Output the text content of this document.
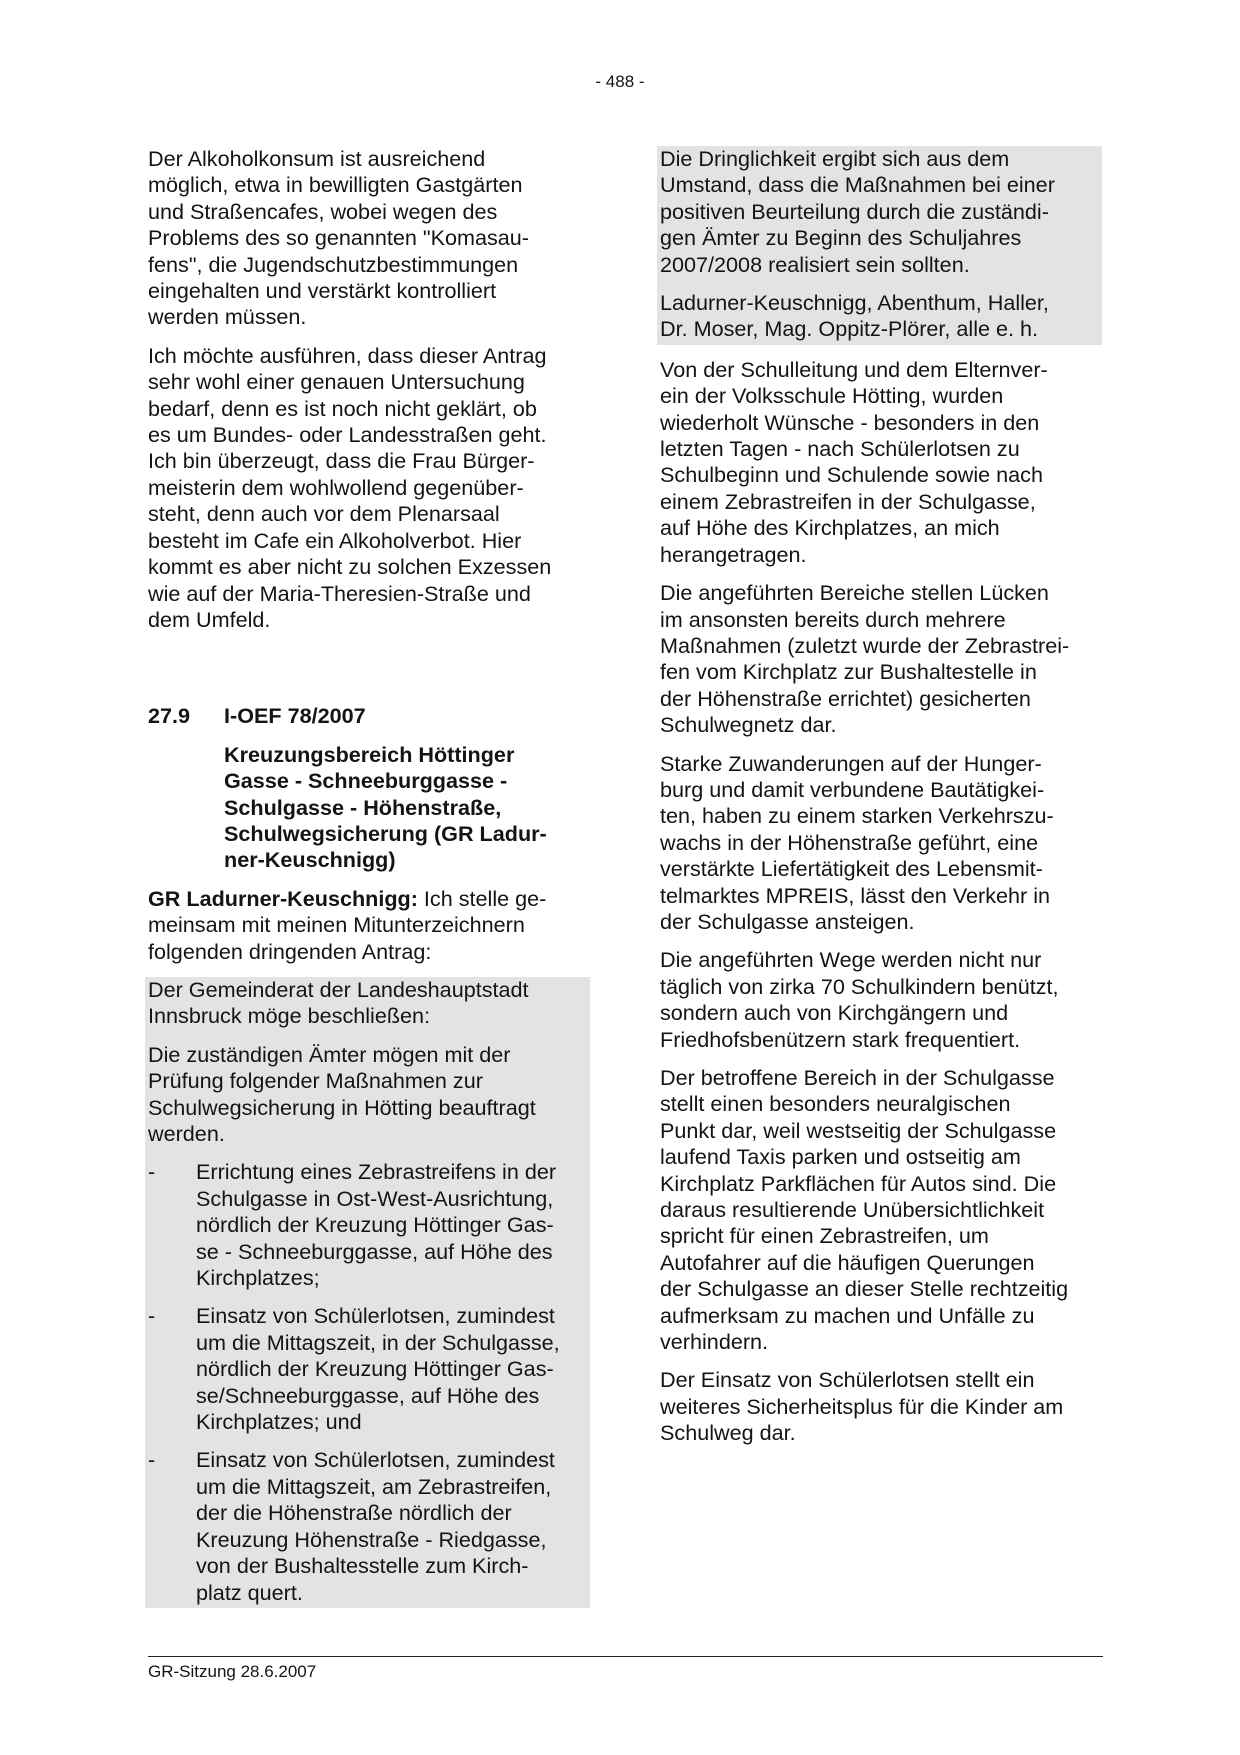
- 488 -

Der Alkoholkonsum ist ausreichend
möglich, etwa in bewilligten Gastgärten
und Straßencafes, wobei wegen des
Problems des so genannten "Komasau-
fens", die Jugendschutzbestimmungen
eingehalten und verstärkt kontrolliert
werden müssen.

Ich möchte ausführen, dass dieser Antrag
sehr wohl einer genauen Untersuchung
bedarf, denn es ist noch nicht geklärt, ob
es um Bundes- oder Landesstraßen geht.
Ich bin überzeugt, dass die Frau Bürger-
meisterin dem wohlwollend gegenüber-
steht, denn auch vor dem Plenarsaal
besteht im Cafe ein Alkoholverbot. Hier
kommt es aber nicht zu solchen Exzessen
wie auf der Maria-Theresien-Straße und
dem Umfeld.

27.9	I-OEF 78/2007
Kreuzungsbereich Höttinger
Gasse - Schneeburggasse -
Schulgasse - Höhenstraße,
Schulwegsicherung (GR Ladur-
ner-Keuschnigg)

GR Ladurner-Keuschnigg: Ich stelle ge-
meinsam mit meinen Mitunterzeichnern
folgenden dringenden Antrag:

Der Gemeinderat der Landeshauptstadt
Innsbruck möge beschließen:

Die zuständigen Ämter mögen mit der
Prüfung folgender Maßnahmen zur
Schulwegsicherung in Hötting beauftragt
werden.

-	Errichtung eines Zebrastreifens in der
Schulgasse in Ost-West-Ausrichtung,
nördlich der Kreuzung Höttinger Gas-
se - Schneeburggasse, auf Höhe des
Kirchplatzes;
-	Einsatz von Schülerlotsen, zumindest
um die Mittagszeit, in der Schulgasse,
nördlich der Kreuzung Höttinger Gas-
se/Schneeburggasse, auf Höhe des
Kirchplatzes; und
-	Einsatz von Schülerlotsen, zumindest
um die Mittagszeit, am Zebrastreifen,
der die Höhenstraße nördlich der
Kreuzung Höhenstraße - Riedgasse,
von der Bushaltesstelle zum Kirch-
platz quert.

Die Dringlichkeit ergibt sich aus dem
Umstand, dass die Maßnahmen bei einer
positiven Beurteilung durch die zuständi-
gen Ämter zu Beginn des Schuljahres
2007/2008 realisiert sein sollten.

Ladurner-Keuschnigg, Abenthum, Haller,
Dr. Moser, Mag. Oppitz-Plörer, alle e. h.

Von der Schulleitung und dem Elternver-
ein der Volksschule Hötting, wurden
wiederholt Wünsche - besonders in den
letzten Tagen - nach Schülerlotsen zu
Schulbeginn und Schulende sowie nach
einem Zebrastreifen in der Schulgasse,
auf Höhe des Kirchplatzes, an mich
herangetragen.

Die angeführten Bereiche stellen Lücken
im ansonsten bereits durch mehrere
Maßnahmen (zuletzt wurde der Zebrastrei-
fen vom Kirchplatz zur Bushaltestelle in
der Höhenstraße errichtet) gesicherten
Schulwegnetz dar.

Starke Zuwanderungen auf der Hunger-
burg und damit verbundene Bautätigkei-
ten, haben zu einem starken Verkehrszu-
wachs in der Höhenstraße geführt, eine
verstärkte Liefertätigkeit des Lebensmit-
telmarktes MPREIS, lässt den Verkehr in
der Schulgasse ansteigen.

Die angeführten Wege werden nicht nur
täglich von zirka 70 Schulkindern benützt,
sondern auch von Kirchgängern und
Friedhofsbenützern stark frequentiert.

Der betroffene Bereich in der Schulgasse
stellt einen besonders neuralgischen
Punkt dar, weil westseitig der Schulgasse
laufend Taxis parken und ostseitig am
Kirchplatz Parkflächen für Autos sind. Die
daraus resultierende Unübersichtlichkeit
spricht für einen Zebrastreifen, um
Autofahrer auf die häufigen Querungen
der Schulgasse an dieser Stelle rechtzeitig
aufmerksam zu machen und Unfälle zu
verhindern.

Der Einsatz von Schülerlotsen stellt ein
weiteres Sicherheitsplus für die Kinder am
Schulweg dar.

GR-Sitzung 28.6.2007
